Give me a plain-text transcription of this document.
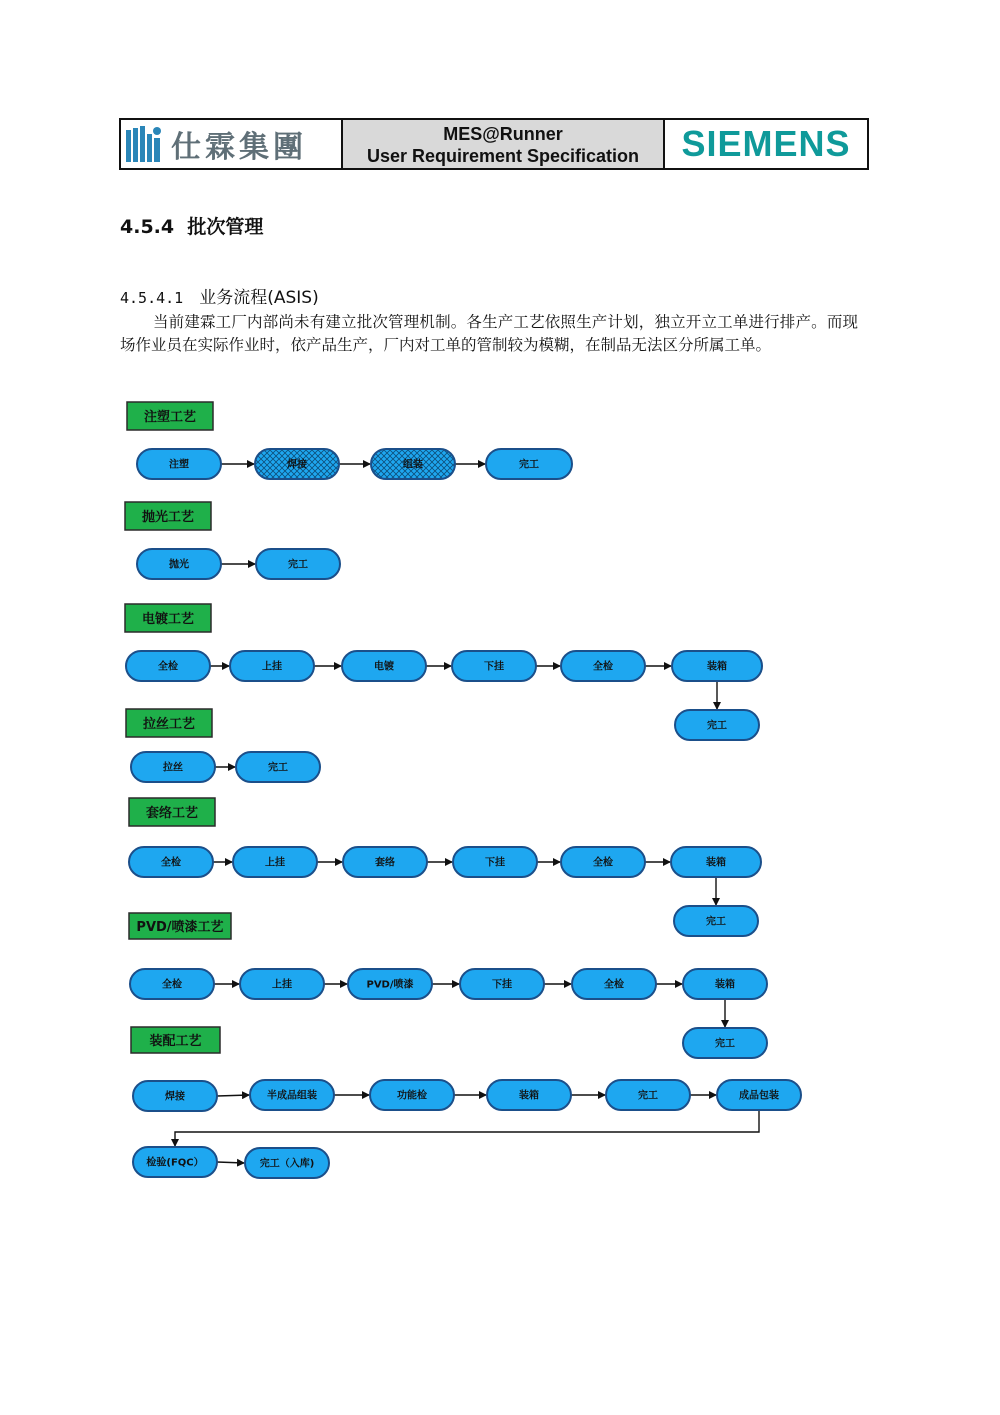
仕霖集團	MES@Runner
User Requirement Specification	SIEMENS
4.5.4 批次管理
4.5.4.1 业务流程(ASIS)
当前建霖工厂内部尚未有建立批次管理机制。各生产工艺依照生产计划，独立开立工单进行排产。而现场作业员在实际作业时，依产品生产，厂内对工单的管制较为模糊，在制品无法区分所属工单。
注塑工艺
注塑	焊接	组装	完工
抛光工艺
抛光	完工
电镀工艺
全检	上挂	电镀	下挂	全检	装箱
完工
拉丝工艺
拉丝	完工
套络工艺
全检	上挂	套络	下挂	全检	装箱
完工
PVD/喷漆工艺
全检	上挂	PVD/喷漆	下挂	全检	装箱
完工
装配工艺
焊接	半成品组装	功能检	装箱	完工	成品包装
检验(FQC）	完工（入库)
